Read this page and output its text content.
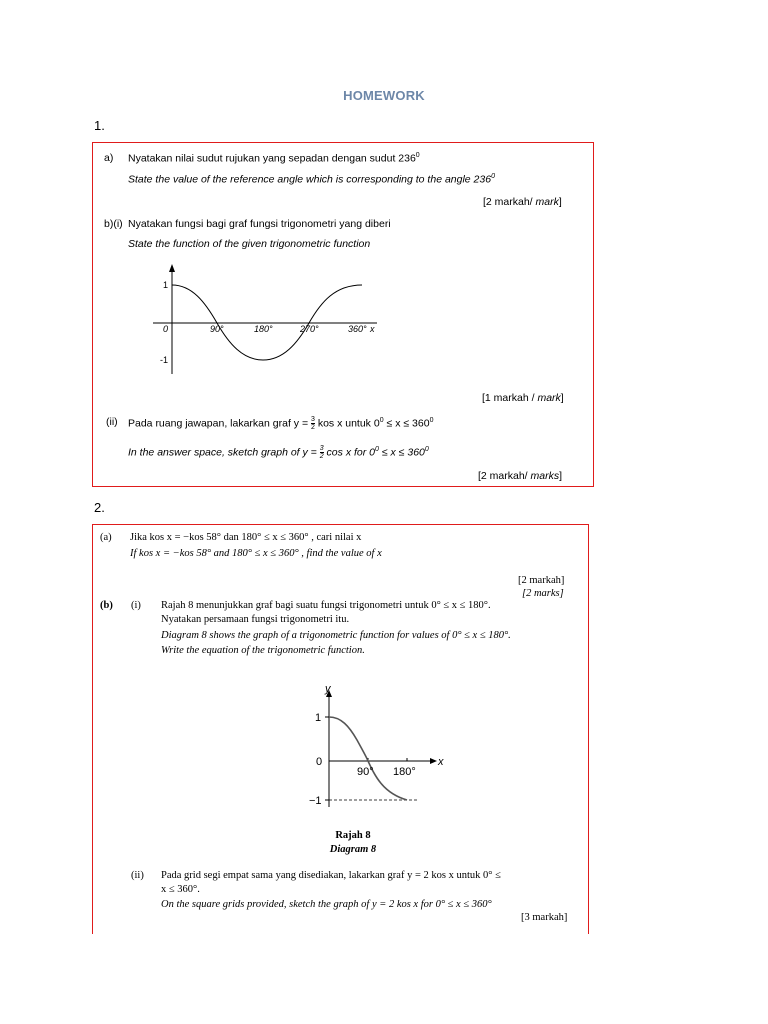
HOMEWORK
1.
a) Nyatakan nilai sudut rujukan yang sepadan dengan sudut $236^0$
State the value of the reference angle which is corresponding to the angle $236^0$
[2 markah/ mark]
b)(i) Nyatakan fungsi bagi graf fungsi trigonometri yang diberi
State the function of the given trigonometric function
1
-1
0	90°	180°	270°	360° x
[1 markah / mark]
(ii) Pada ruang jawapan, lakarkan graf $y = \frac{3}{2}$ kos x untuk $0^0 \le x \le 360^0$
In the answer space, sketch graph of $y = \frac{3}{2}$ cos x for $0^0 \le x \le 360^0$
[2 markah/ marks]
2.
(a) Jika kos x = −kos 58° dan 180° ≤ x ≤ 360° , cari nilai x
If kos x = −kos 58° and 180° ≤ x ≤ 360° , find the value of x
[2 markah]
[2 marks]
(b) (i) Rajah 8 menunjukkan graf bagi suatu fungsi trigonometri untuk 0° ≤ x ≤ 180°.
Nyatakan persamaan fungsi trigonometri itu.
Diagram 8 shows the graph of a trigonometric function for values of 0° ≤ x ≤ 180°.
Write the equation of the trigonometric function.
y
x
1
0
−1
90° 180°
Rajah 8
Diagram 8
(ii) Pada grid segi empat sama yang disediakan, lakarkan graf y = 2 kos x untuk 0° ≤
x ≤ 360°.
On the square grids provided, sketch the graph of y = 2 kos x for 0° ≤ x ≤ 360°
[3 markah]
